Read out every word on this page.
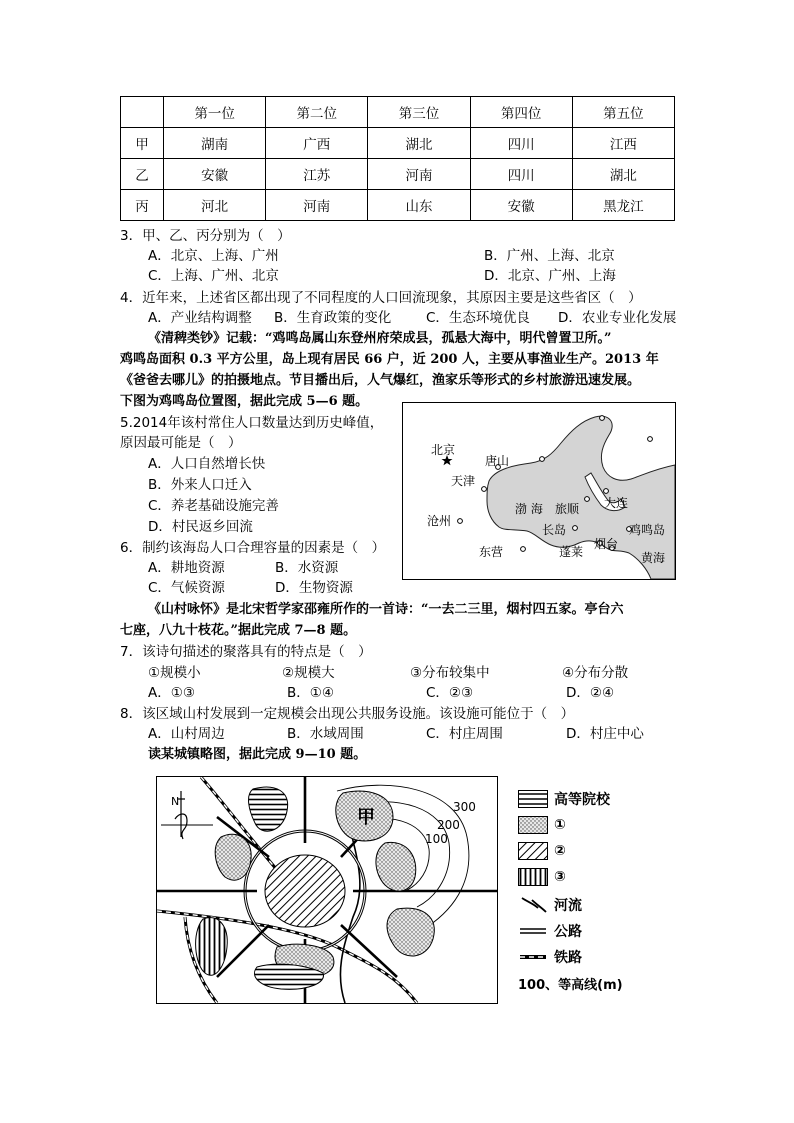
	第一位	第二位	第三位	第四位	第五位
甲	湖南	广西	湖北	四川	江西
乙	安徽	江苏	河南	四川	湖北
丙	河北	河南	山东	安徽	黑龙江
3．甲、乙、丙分别为（　）
A．北京、上海、广州	B．广州、上海、北京
C．上海、广州、北京	D．北京、广州、上海
4．近年来，上述省区都出现了不同程度的人口回流现象，其原因主要是这些省区（　）
A．产业结构调整 B．生育政策的变化	C．生态环境优良 D．农业专业化发展
《清稗类钞》记载：“鸡鸣岛属山东登州府荣成县，孤悬大海中，明代曾置卫所。”
鸡鸣岛面积 0.3 平方公里，岛上现有居民 66 户，近 200 人，主要从事渔业生产。2013 年
《爸爸去哪儿》的拍摄地点。节目播出后，人气爆红，渔家乐等形式的乡村旅游迅速发展。
下图为鸡鸣岛位置图，据此完成 5—6 题。
5.2014年该村常住人口数量达到历史峰值，
原因最可能是（　）
A．人口自然增长快
B．外来人口迁入
C．养老基础设施完善
D．村民返乡回流
6．制约该海岛人口合理容量的因素是（　）
A．耕地资源	B．水资源
C．气候资源	D．生物资源
北京
唐山
天津
渤 海 旅顺 大连
沧州
长岛	鸡鸣岛
东营
烟台
蓬莱	黄海
《山村咏怀》是北宋哲学家邵雍所作的一首诗：“一去二三里，烟村四五家。亭台六
七座，八九十枝花。”据此完成 7—8 题。
7．该诗句描述的聚落具有的特点是（　）
①规模小	②规模大	③分布较集中	④分布分散
A．①③	B．①④	C．②③	D．②④
8．该区域山村发展到一定规模会出现公共服务设施。该设施可能位于（　）
A．山村周边	B．水域周围	C．村庄周围	D．村庄中心
读某城镇略图，据此完成 9—10 题。
N
甲	300
200
100
高等院校
①
②
③
河流
公路
铁路
100、等高线(m)
